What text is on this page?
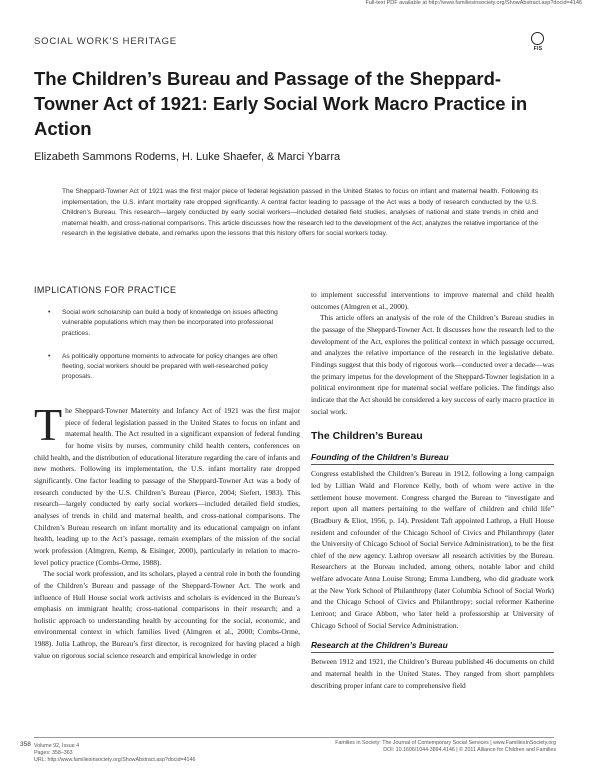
Full-text PDF available at http://www.familiesinsociety.org/ShowAbstract.asp?docid=4146
SOCIAL WORK'S HERITAGE
FIS
The Children’s Bureau and Passage of the Sheppard-Towner Act of 1921: Early Social Work Macro Practice in Action
Elizabeth Sammons Rodems, H. Luke Shaefer, & Marci Ybarra

The Sheppard-Towner Act of 1921 was the first major piece of federal legislation passed in the United States to focus on infant and maternal health. Following its implementation, the U.S. infant mortality rate dropped significantly. A central factor leading to passage of the Act was a body of research conducted by the U.S. Children’s Bureau. This research—largely conducted by early social workers—included detailed field studies, analyses of national and state trends in child and maternal health, and cross-national comparisons. This article discusses how the research led to the development of the Act, analyzes the relative importance of the research in the legislative debate, and remarks upon the lessons that this history offers for social workers today.

IMPLICATIONS FOR PRACTICE
• Social work scholarship can build a body of knowledge on issues affecting vulnerable populations which may then be incorporated into professional practices.
• As politically opportune moments to advocate for policy changes are often fleeting, social workers should be prepared with well-researched policy proposals.

The Sheppard-Towner Maternity and Infancy Act of 1921 was the first major piece of federal legislation passed in the United States to focus on infant and maternal health. The Act resulted in a significant expansion of federal funding for home visits by nurses, community child health centers, conferences on child health, and the distribution of educational literature regarding the care of infants and new mothers. Following its implementation, the U.S. infant mortality rate dropped significantly. One factor leading to passage of the Sheppard-Towner Act was a body of research conducted by the U.S. Children’s Bureau (Pierce, 2004; Siefert, 1983). This research—largely conducted by early social workers—included detailed field studies, analyses of trends in child and maternal health, and cross-national comparisons. The Children’s Bureau research on infant mortality and its educational campaign on infant health, leading up to the Act’s passage, remain exemplars of the mission of the social work profession (Almgren, Kemp, & Eisinger, 2000), particularly in relation to macro-level policy practice (Combs-Orme, 1988).

The social work profession, and its scholars, played a central role in both the founding of the Children’s Bureau and passage of the Sheppard-Towner Act. The work and influence of Hull House social work activists and scholars is evidenced in the Bureau’s emphasis on immigrant health; cross-national comparisons in their research; and a holistic approach to understanding health by accounting for the social, economic, and environmental context in which families lived (Almgren et al., 2000; Combs-Orme, 1988). Julia Lathrop, the Bureau’s first director, is recognized for having placed a high value on rigorous social science research and empirical knowledge in order

to implement successful interventions to improve maternal and child health outcomes (Almgren et al., 2000).

This article offers an analysis of the role of the Children’s Bureau studies in the passage of the Sheppard-Towner Act. It discusses how the research led to the development of the Act, explores the political context in which passage occurred, and analyzes the relative importance of the research in the legislative debate. Findings suggest that this body of rigorous work—conducted over a decade—was the primary impetus for the development of the Sheppard-Towner legislation in a political environment ripe for maternal social welfare policies. The findings also indicate that the Act should be considered a key success of early macro practice in social work.

The Children’s Bureau
Founding of the Children’s Bureau

Congress established the Children’s Bureau in 1912, following a long campaign led by Lillian Wald and Florence Kelly, both of whom were active in the settlement house movement. Congress charged the Bureau to “investigate and report upon all matters pertaining to the welfare of children and child life” (Bradbury & Eliot, 1956, p. 14). President Taft appointed Lathrop, a Hull House resident and cofounder of the Chicago School of Civics and Philanthropy (later the University of Chicago School of Social Service Administration), to be the first chief of the new agency. Lathrop oversaw all research activities by the Bureau. Researchers at the Bureau included, among others, notable labor and child welfare advocate Anna Louise Strong; Emma Lundberg, who did graduate work at the New York School of Philanthropy (later Columbia School of Social Work) and the Chicago School of Civics and Philanthropy; social reformer Katherine Lenroot; and Grace Abbott, who later held a professorship at University of Chicago School of Social Service Administration.

Research at the Children’s Bureau

Between 1912 and 1921, the Children’s Bureau published 46 documents on child and maternal health in the United States. They ranged from short pamphlets describing proper infant care to comprehensive field

358 Volume 92, Issue 4
Pages: 358–363
URL: http://www.familiesinsociety.org/ShowAbstract.asp?docid=4146
Families in Society: The Journal of Contemporary Social Services | www.FamiliesInSociety.org
DOI: 10.1606/1044-3894.4146 | © 2011 Alliance for Children and Families
